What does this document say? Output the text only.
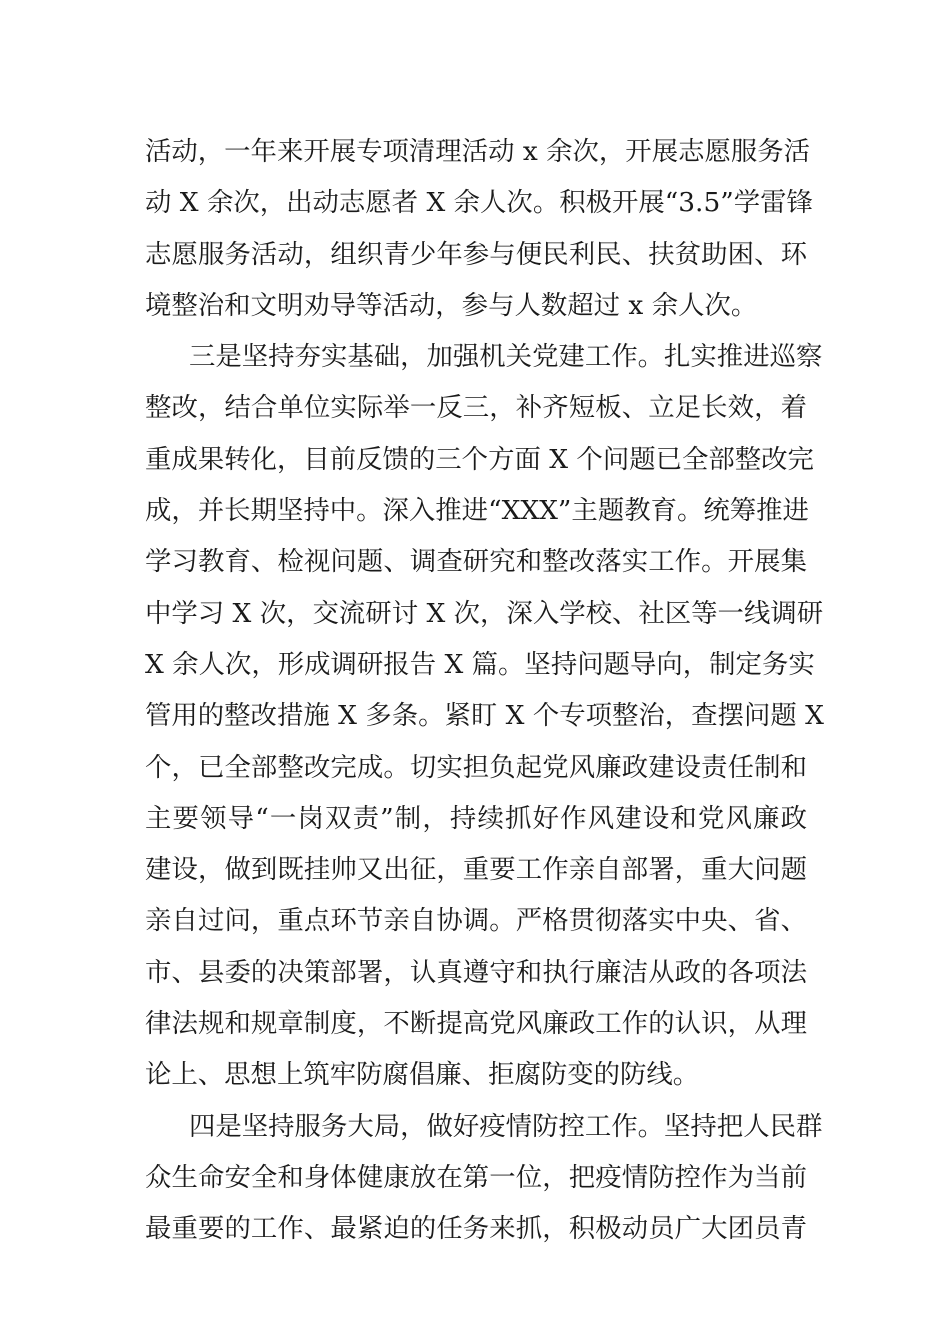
活动，一年来开展专项清理活动 x 余次，开展志愿服务活
动 X 余次，出动志愿者 X 余人次。积极开展“3.5”学雷锋
志愿服务活动，组织青少年参与便民利民、扶贫助困、环
境整治和文明劝导等活动，参与人数超过 x 余人次。
三是坚持夯实基础，加强机关党建工作。扎实推进巡察
整改，结合单位实际举一反三，补齐短板、立足长效，着
重成果转化，目前反馈的三个方面 X 个问题已全部整改完
成，并长期坚持中。深入推进“XXX”主题教育。统筹推进
学习教育、检视问题、调查研究和整改落实工作。开展集
中学习 X 次，交流研讨 X 次，深入学校、社区等一线调研
X 余人次，形成调研报告 X 篇。坚持问题导向，制定务实
管用的整改措施 X 多条。紧盯 X 个专项整治，查摆问题 X
个，已全部整改完成。切实担负起党风廉政建设责任制和
主要领导“一岗双责”制，持续抓好作风建设和党风廉政
建设，做到既挂帅又出征，重要工作亲自部署，重大问题
亲自过问，重点环节亲自协调。严格贯彻落实中央、省、
市、县委的决策部署，认真遵守和执行廉洁从政的各项法
律法规和规章制度，不断提高党风廉政工作的认识，从理
论上、思想上筑牢防腐倡廉、拒腐防变的防线。
四是坚持服务大局，做好疫情防控工作。坚持把人民群
众生命安全和身体健康放在第一位，把疫情防控作为当前
最重要的工作、最紧迫的任务来抓，积极动员广大团员青
